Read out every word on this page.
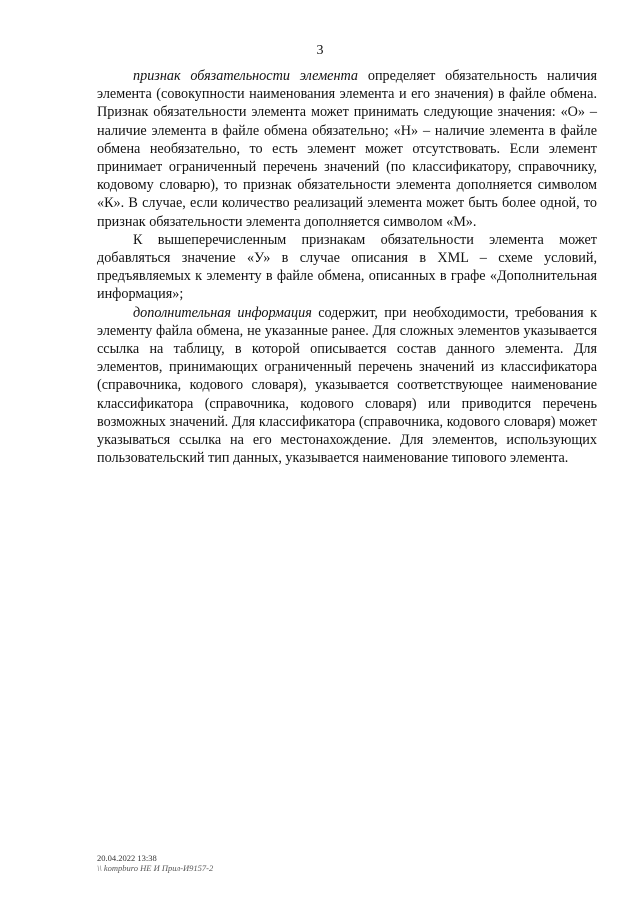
3

признак обязательности элемента определяет обязательность наличия элемента (совокупности наименования элемента и его значения) в файле обмена. Признак обязательности элемента может принимать следующие значения: «О» – наличие элемента в файле обмена обязательно; «Н» – наличие элемента в файле обмена необязательно, то есть элемент может отсутствовать. Если элемент принимает ограниченный перечень значений (по классификатору, справочнику, кодовому словарю), то признак обязательности элемента дополняется символом «К». В случае, если количество реализаций элемента может быть более одной, то признак обязательности элемента дополняется символом «М».

К вышеперечисленным признакам обязательности элемента может добавляться значение «У» в случае описания в XML – схеме условий, предъявляемых к элементу в файле обмена, описанных в графе «Дополнительная информация»;

дополнительная информация содержит, при необходимости, требования к элементу файла обмена, не указанные ранее. Для сложных элементов указывается ссылка на таблицу, в которой описывается состав данного элемента. Для элементов, принимающих ограниченный перечень значений из классификатора (справочника, кодового словаря), указывается соответствующее наименование классификатора (справочника, кодового словаря) или приводится перечень возможных значений. Для классификатора (справочника, кодового словаря) может указываться ссылка на его местонахождение. Для элементов, использующих пользовательский тип данных, указывается наименование типового элемента.

20.04.2022 13:38
\\ kompburo НЕ И Прил-И9157-2
